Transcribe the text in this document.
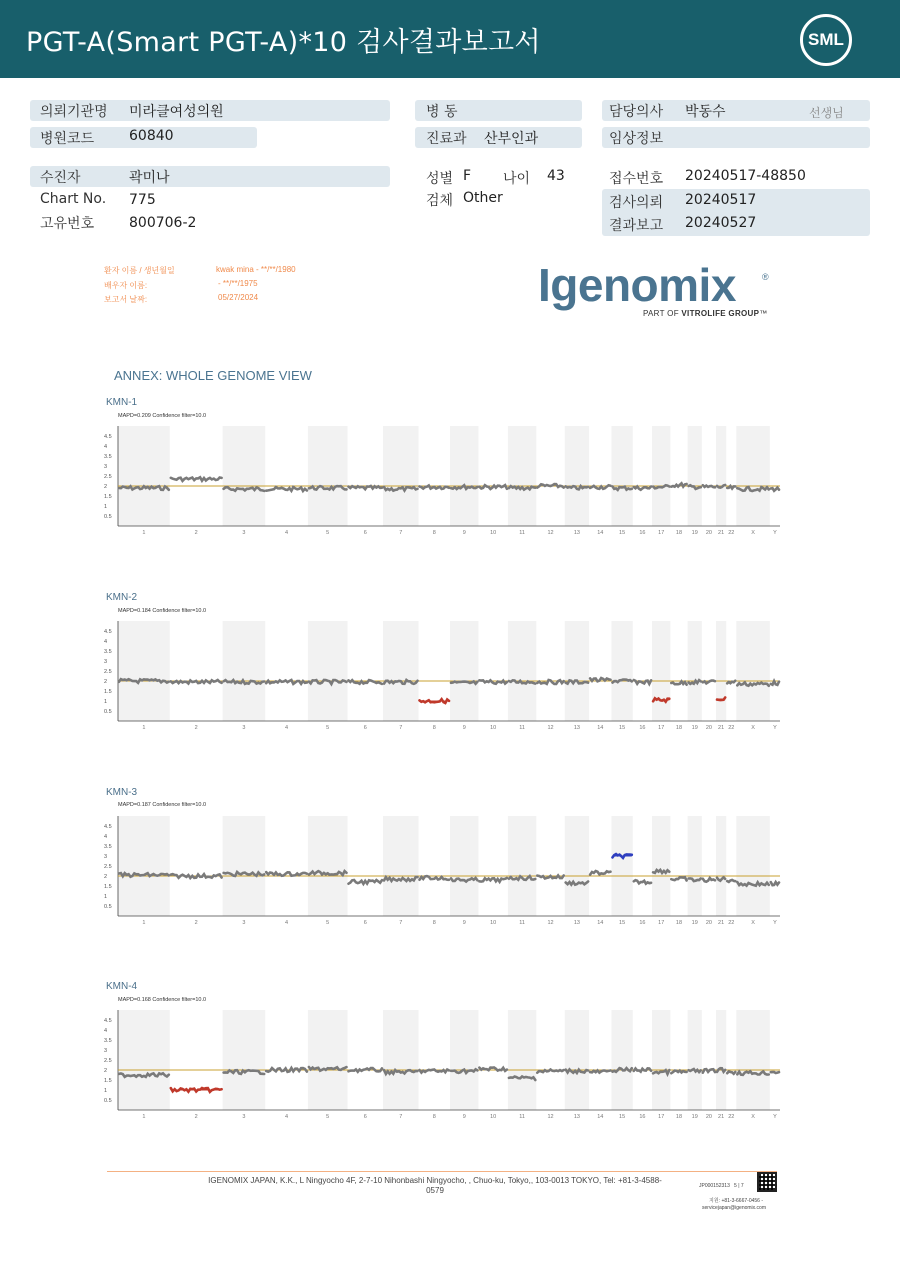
PGT-A(Smart PGT-A)*10 검사결과보고서	SML
의뢰기관명 미라클여성의원
병원코드 60840
병 동
진료과 산부인과
담당의사 박동수	선생님
임상정보
수진자	곽미나
Chart No. 775
고유번호 800706-2
성별 F 나이 43
검체 Other
접수번호 20240517-48850
검사의뢰 20240517
결과보고 20240527
환자 이름 / 생년월일	kwak mina - **/**/1980
배우자 이름:	- **/**/1975
보고서 날짜:	05/27/2024	Igenomix	®
PART OF VITROLIFE GROUP™
ANNEX: WHOLE GENOME VIEW
KMN-1
MAPD=0.209 Confidence filter=10.0
4.5
4
3.5
3
2.5
2
1.5
1
0.5
1	2	3	4	5	6	7	8	9	10	11	12	13	14	15	16 17 18 19 20 21 22	X	Y
KMN-2
MAPD=0.184 Confidence filter=10.0
4.5
4
3.5
3
2.5
2
1.5
1
0.5
1	2	3	4	5	6	7	8	9	10	11	12	13	14	15	16 17 18 19 20 21 22	X	Y
KMN-3
MAPD=0.187 Confidence filter=10.0
4.5
4
3.5
3
2.5
2
1.5
1
0.5
1	2	3	4	5	6	7	8	9	10	11	12	13	14	15	16 17 18 19 20 21 22	X	Y
KMN-4
MAPD=0.168 Confidence filter=10.0
4.5
4
3.5
3
2.5
2
1.5
1
0.5
1	2	3	4	5	6	7	8	9	10	11	12	13	14	15	16 17 18 19 20 21 22	X	Y
IGENOMIX JAPAN, K.K., L Ningyocho 4F, 2-7-10 Nihonbashi Ningyocho, , Chuo-ku, Tokyo,, 103-0013 TOKYO, Tel: +81-3-4588-0579	JP000152313 5 | 7
지원: +81-3-6667-0456 -
servicejapan@igenomix.com
